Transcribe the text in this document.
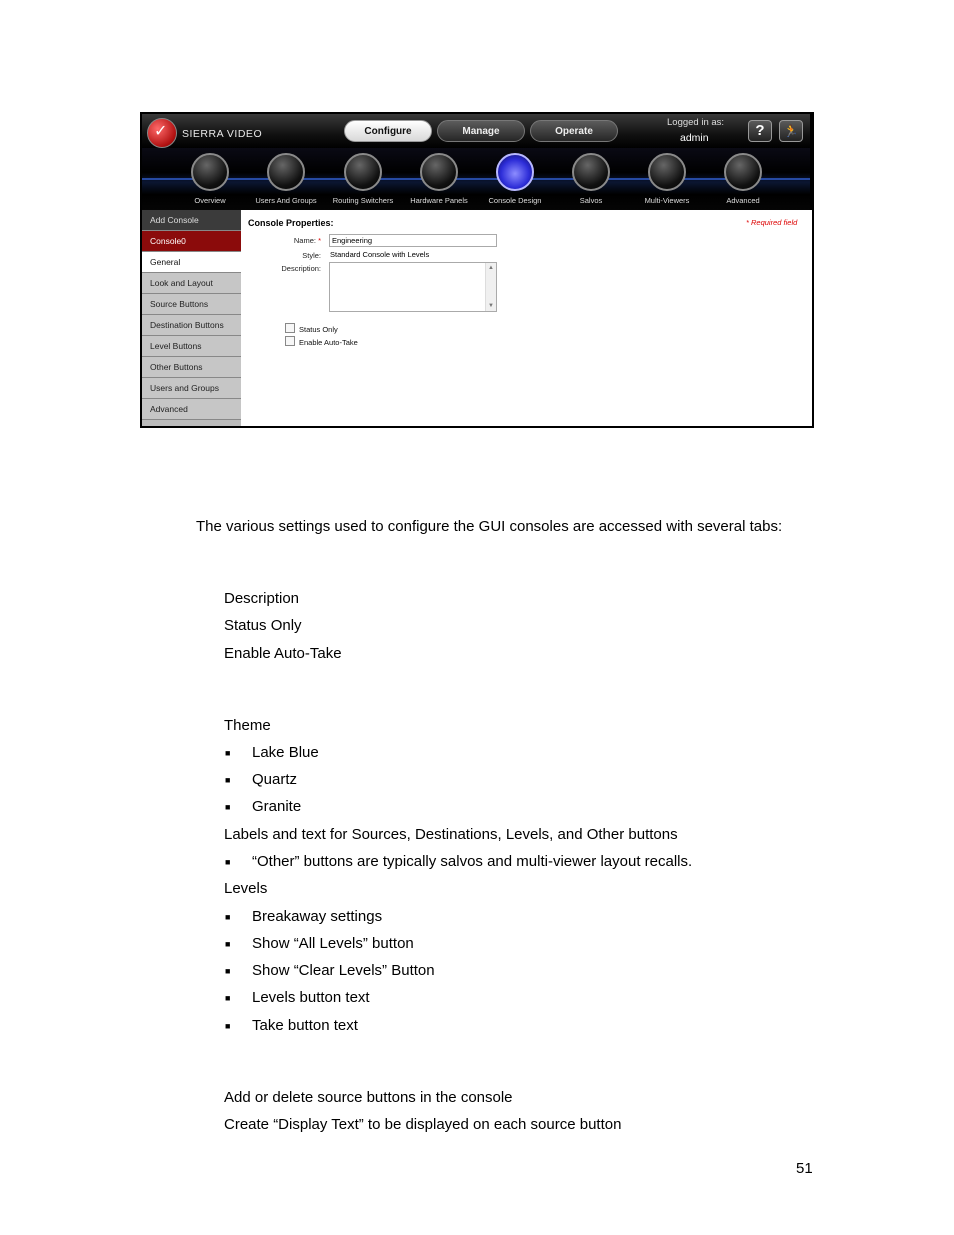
✓ SIERRA VIDEO	Configure	Manage	Operate
Logged in as:
admin	?	🏃
Overview	Users And Groups	Routing Switchers	Hardware Panels	Console Design	Salvos	Multi-Viewers	Advanced
Add Console
Console0
General
Look and Layout
Source Buttons
Destination Buttons
Level Buttons
Other Buttons
Users and Groups
Advanced
Console Properties:	* Required field
Name: *	Engineering
Style: Standard Console with Levels
Description:	▲
▼
Status Only
Enable Auto-Take
The various settings used to configure the GUI consoles are accessed with several tabs:
Description
Status Only
Enable Auto-Take
Theme
■ Lake Blue
■ Quartz
■ Granite
Labels and text for Sources, Destinations, Levels, and Other buttons
■ “Other” buttons are typically salvos and multi-viewer layout recalls.
Levels
■ Breakaway settings
■ Show “All Levels” button
■ Show “Clear Levels” Button
■ Levels button text
■ Take button text
Add or delete source buttons in the console
Create “Display Text” to be displayed on each source button
51
